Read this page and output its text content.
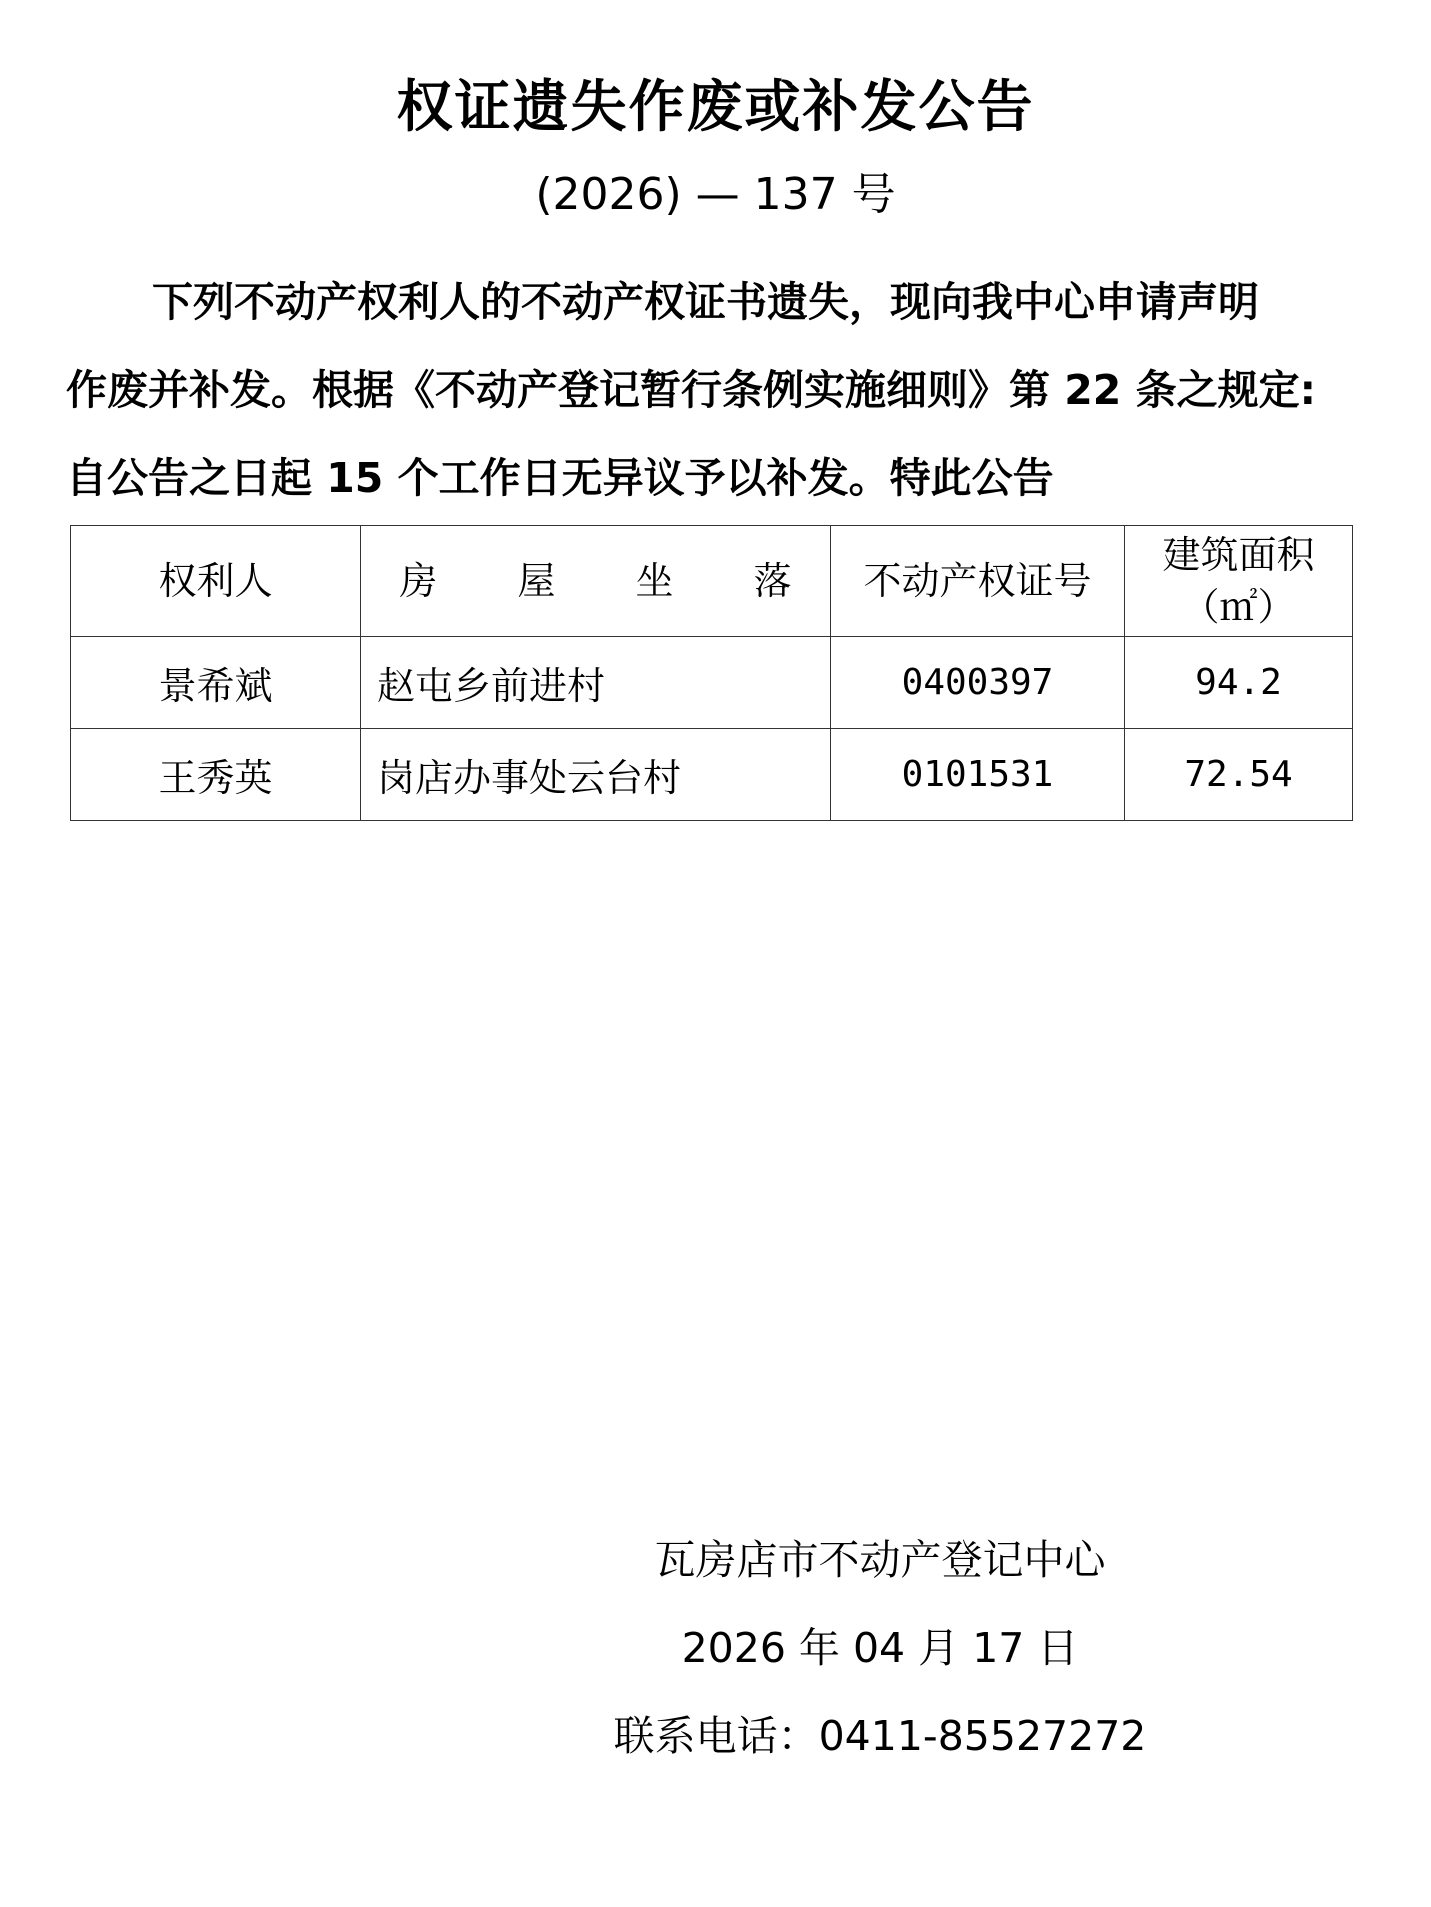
权证遗失作废或补发公告
(2026) — 137 号
下列不动产权利人的不动产权证书遗失，现向我中心申请声明
作废并补发。根据《不动产登记暂行条例实施细则》第 22 条之规定:
自公告之日起 15 个工作日无异议予以补发。特此公告
权利人	房 屋 坐 落	不动产权证号	建筑面积
（㎡）

景希斌	赵屯乡前进村	0400397	94.2
王秀英	岗店办事处云台村	0101531	72.54
瓦房店市不动产登记中心
2026 年 04 月 17 日
联系电话：0411-85527272
